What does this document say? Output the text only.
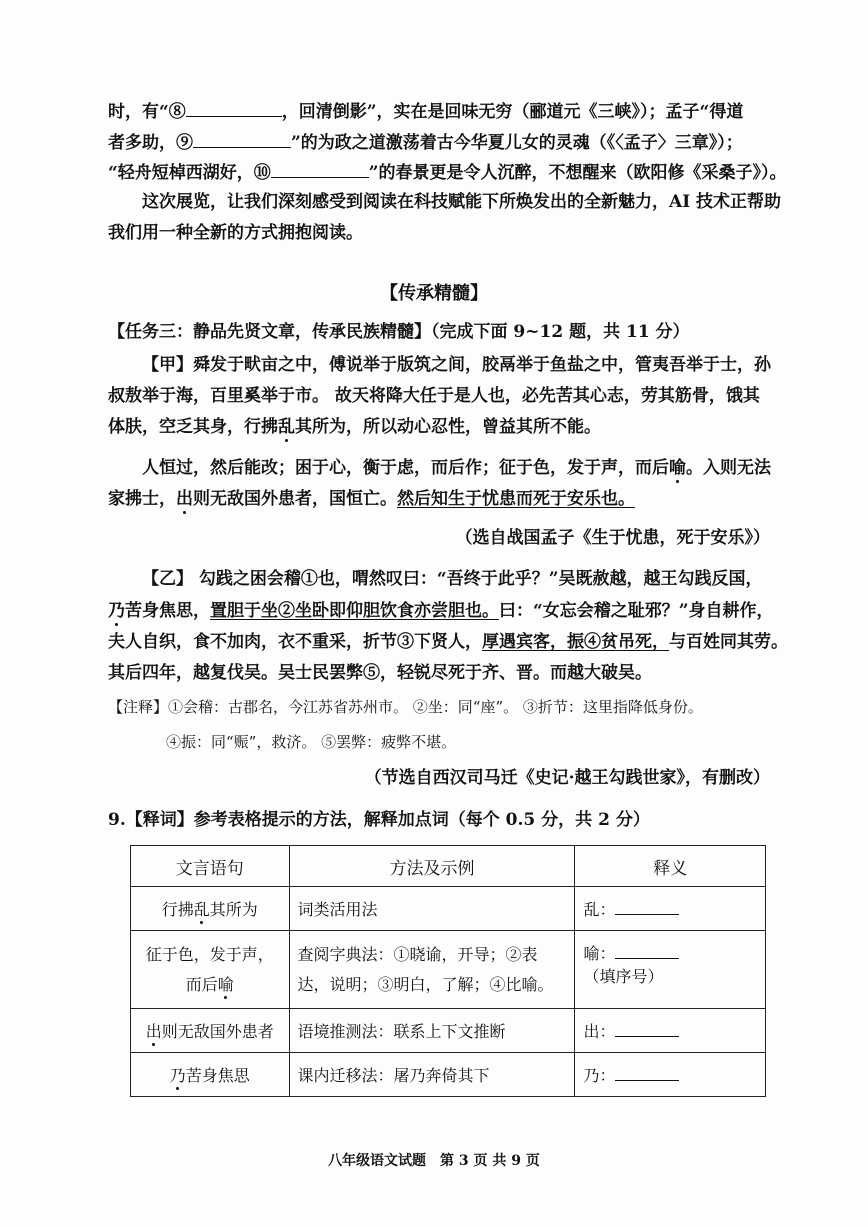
时，有“⑧	，回清倒影”，实在是回味无穷（郦道元《三峡》）；孟子“得道
者多助，⑨	”的为政之道激荡着古今华夏儿女的灵魂（《〈孟子〉三章》）；
“轻舟短棹西湖好，⑩	”的春景更是令人沉醉，不想醒来（欧阳修《采桑子》）。
这次展览，让我们深刻感受到阅读在科技赋能下所焕发出的全新魅力，AI 技术正帮助
我们用一种全新的方式拥抱阅读。
【传承精髓】
【任务三：静品先贤文章，传承民族精髓】（完成下面 9~12 题，共 11 分）
【甲】舜发于畎亩之中，傅说举于版筑之间，胶鬲举于鱼盐之中，管夷吾举于士，孙
叔敖举于海，百里奚举于市。 故天将降大任于是人也，必先苦其心志，劳其筋骨，饿其
体肤，空乏其身，行拂乱其所为，所以动心忍性，曾益其所不能。
人恒过，然后能改；困于心，衡于虑，而后作；征于色，发于声，而后喻。入则无法
家拂士，出则无敌国外患者，国恒亡。然后知生于忧患而死于安乐也。
（选自战国孟子《生于忧患，死于安乐》）
【乙】 勾践之困会稽①也，喟然叹曰：“吾终于此乎？”吴既赦越，越王勾践反国，
乃苦身焦思，置胆于坐②坐卧即仰胆饮食亦尝胆也。曰：“女忘会稽之耻邪？”身自耕作，
夫人自织，食不加肉，衣不重采，折节③下贤人，厚遇宾客，振④贫吊死，与百姓同其劳。
其后四年，越复伐吴。吴士民罢弊⑤，轻锐尽死于齐、晋。而越大破吴。
【注释】①会稽：古郡名，今江苏省苏州市。 ②坐：同“座”。 ③折节：这里指降低身份。
④振：同“赈”，救济。 ⑤罢弊：疲弊不堪。
（节选自西汉司马迁《史记·越王勾践世家》，有删改）
9.【释词】参考表格提示的方法，解释加点词（每个 0.5 分，共 2 分）
文言语句	方法及示例	释义
行拂乱其所为	词类活用法	乱：
征于色，发于声，而后喻	查阅字典法：①晓谕，开导；②表达，说明；③明白，了解；④比喻。	喻：（填序号）
出则无敌国外患者	语境推测法：联系上下文推断	出：
乃苦身焦思	课内迁移法：屠乃奔倚其下	乃：
八年级语文试题　第 3 页 共 9 页
